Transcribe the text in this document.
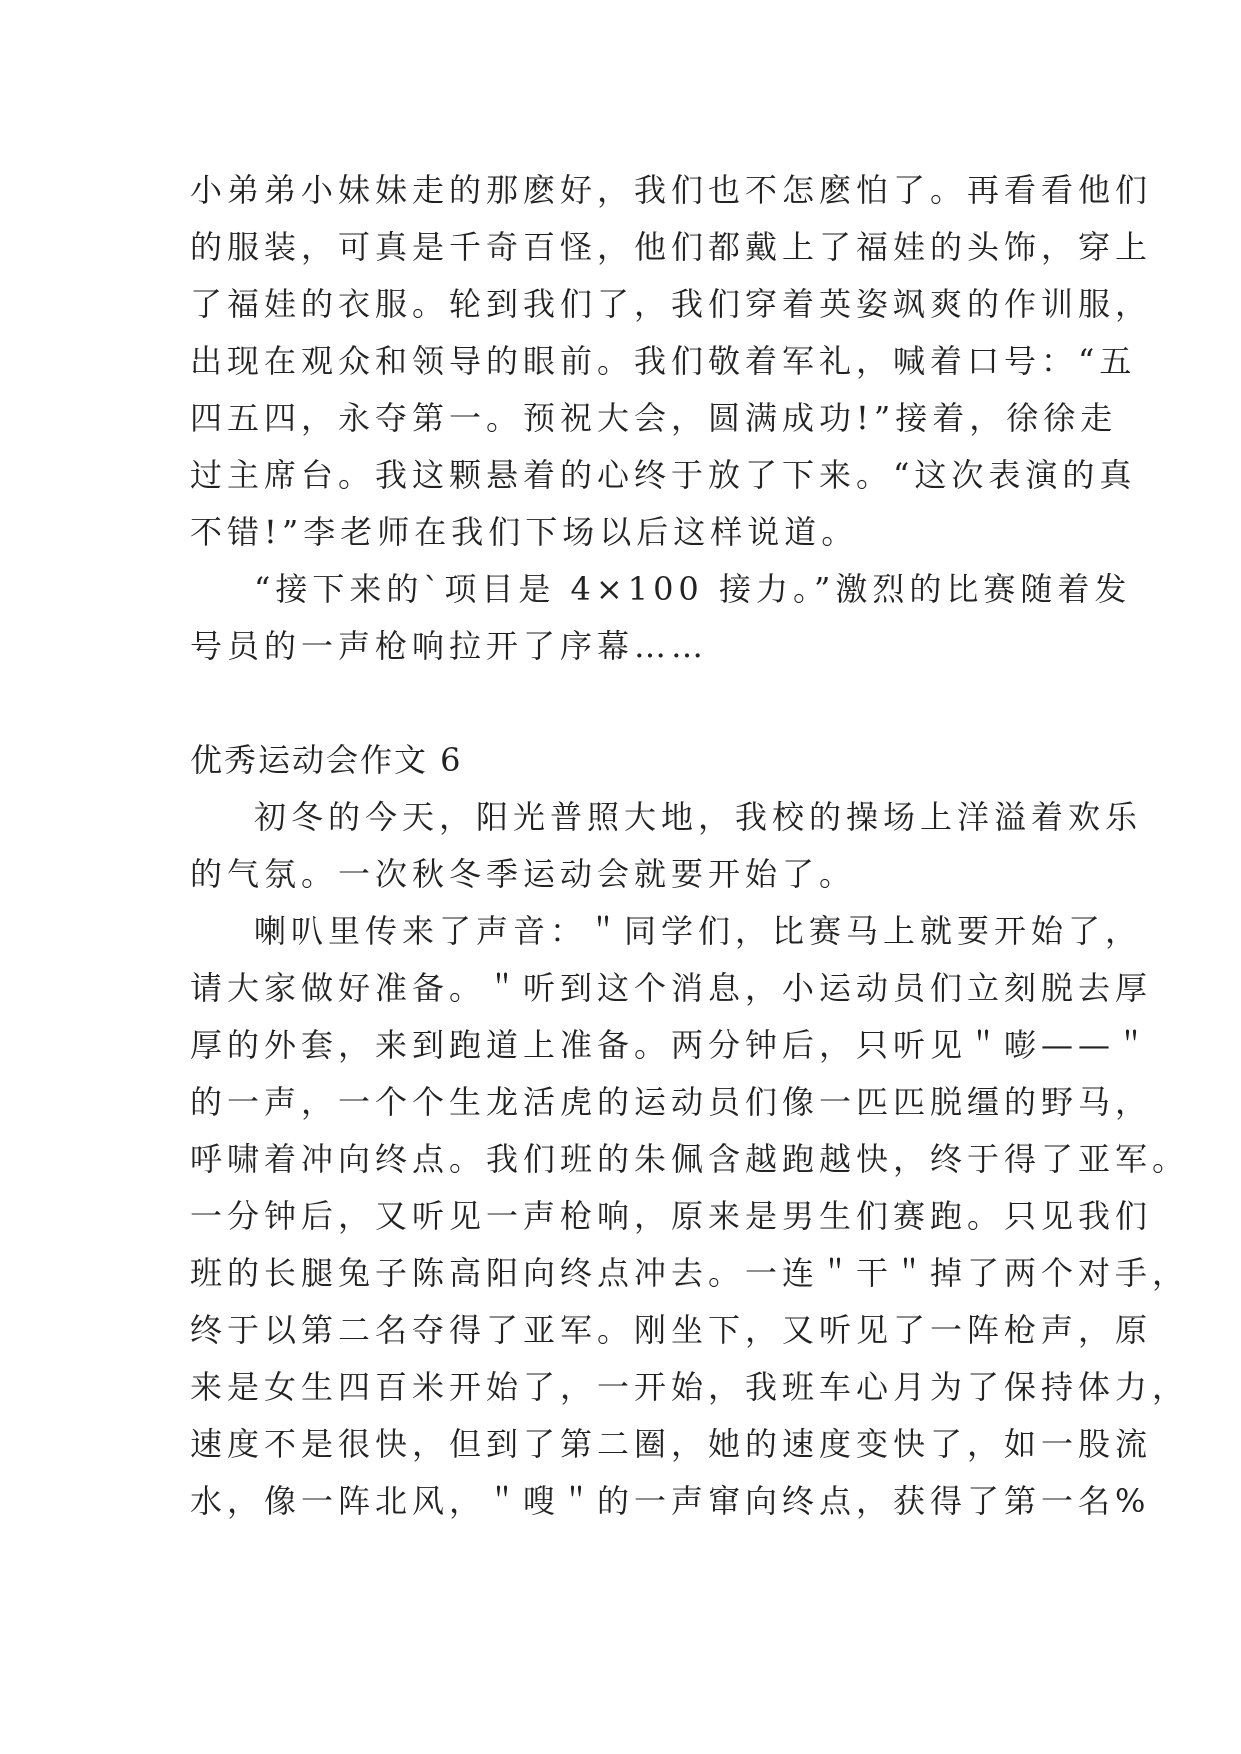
小弟弟小妹妹走的那麽好，我们也不怎麽怕了。再看看他们
的服装，可真是千奇百怪，他们都戴上了福娃的头饰，穿上
了福娃的衣服。轮到我们了，我们穿着英姿飒爽的作训服，
出现在观众和领导的眼前。我们敬着军礼，喊着口号：“五
四五四，永夺第一。预祝大会，圆满成功!”接着，徐徐走
过主席台。我这颗悬着的心终于放了下来。“这次表演的真
不错!”李老师在我们下场以后这样说道。
“接下来的`项目是 4×100 接力。”激烈的比赛随着发
号员的一声枪响拉开了序幕……
优秀运动会作文 6
初冬的今天，阳光普照大地，我校的操场上洋溢着欢乐
的气氛。一次秋冬季运动会就要开始了。
喇叭里传来了声音：＂同学们，比赛马上就要开始了，
请大家做好准备。＂听到这个消息，小运动员们立刻脱去厚
厚的外套，来到跑道上准备。两分钟后，只听见＂嘭——＂
的一声，一个个生龙活虎的运动员们像一匹匹脱缰的野马，
呼啸着冲向终点。我们班的朱佩含越跑越快，终于得了亚军。
一分钟后，又听见一声枪响，原来是男生们赛跑。只见我们
班的长腿兔子陈高阳向终点冲去。一连＂干＂掉了两个对手，
终于以第二名夺得了亚军。刚坐下，又听见了一阵枪声，原
来是女生四百米开始了，一开始，我班车心月为了保持体力，
速度不是很快，但到了第二圈，她的速度变快了，如一股流
水，像一阵北风，＂嗖＂的一声窜向终点，获得了第一名%
